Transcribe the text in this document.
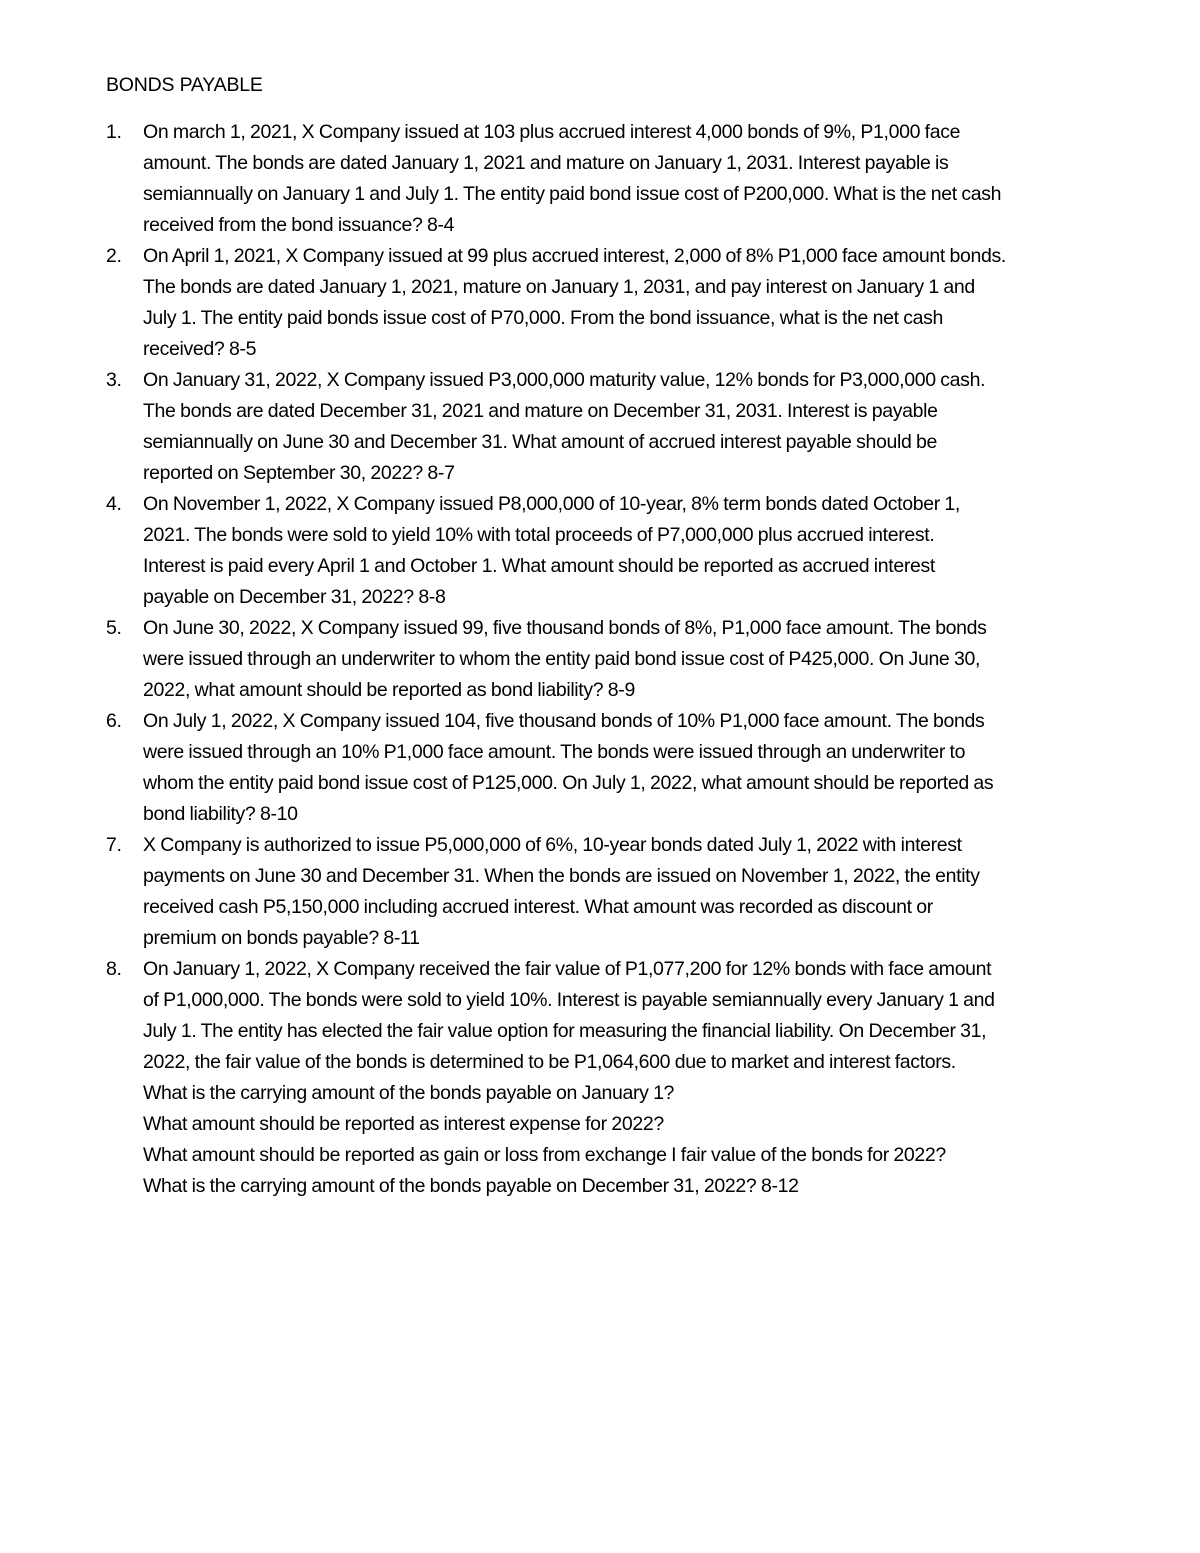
BONDS PAYABLE
1. On march 1, 2021, X Company issued at 103 plus accrued interest 4,000 bonds of 9%, P1,000 face
amount. The bonds are dated January 1, 2021 and mature on January 1, 2031. Interest payable is
semiannually on January 1 and July 1. The entity paid bond issue cost of P200,000. What is the net cash
received from the bond issuance? 8-4
2. On April 1, 2021, X Company issued at 99 plus accrued interest, 2,000 of 8% P1,000 face amount bonds.
The bonds are dated January 1, 2021, mature on January 1, 2031, and pay interest on January 1 and
July 1. The entity paid bonds issue cost of P70,000. From the bond issuance, what is the net cash
received? 8-5
3. On January 31, 2022, X Company issued P3,000,000 maturity value, 12% bonds for P3,000,000 cash.
The bonds are dated December 31, 2021 and mature on December 31, 2031. Interest is payable
semiannually on June 30 and December 31. What amount of accrued interest payable should be
reported on September 30, 2022? 8-7
4. On November 1, 2022, X Company issued P8,000,000 of 10-year, 8% term bonds dated October 1,
2021. The bonds were sold to yield 10% with total proceeds of P7,000,000 plus accrued interest.
Interest is paid every April 1 and October 1. What amount should be reported as accrued interest
payable on December 31, 2022? 8-8
5. On June 30, 2022, X Company issued 99, five thousand bonds of 8%, P1,000 face amount. The bonds
were issued through an underwriter to whom the entity paid bond issue cost of P425,000. On June 30,
2022, what amount should be reported as bond liability? 8-9
6. On July 1, 2022, X Company issued 104, five thousand bonds of 10% P1,000 face amount. The bonds
were issued through an 10% P1,000 face amount. The bonds were issued through an underwriter to
whom the entity paid bond issue cost of P125,000. On July 1, 2022, what amount should be reported as
bond liability? 8-10
7. X Company is authorized to issue P5,000,000 of 6%, 10-year bonds dated July 1, 2022 with interest
payments on June 30 and December 31. When the bonds are issued on November 1, 2022, the entity
received cash P5,150,000 including accrued interest. What amount was recorded as discount or
premium on bonds payable? 8-11
8. On January 1, 2022, X Company received the fair value of P1,077,200 for 12% bonds with face amount
of P1,000,000. The bonds were sold to yield 10%. Interest is payable semiannually every January 1 and
July 1. The entity has elected the fair value option for measuring the financial liability. On December 31,
2022, the fair value of the bonds is determined to be P1,064,600 due to market and interest factors.
What is the carrying amount of the bonds payable on January 1?
What amount should be reported as interest expense for 2022?
What amount should be reported as gain or loss from exchange I fair value of the bonds for 2022?
What is the carrying amount of the bonds payable on December 31, 2022? 8-12
